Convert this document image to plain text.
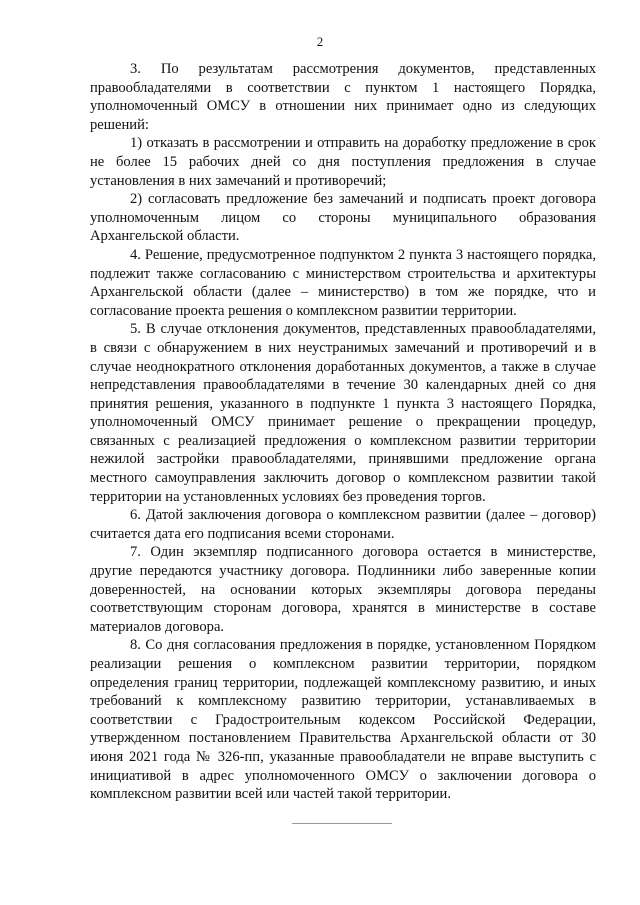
2

3. По результатам рассмотрения документов, представленных правообладателями в соответствии с пунктом 1 настоящего Порядка, уполномоченный ОМСУ в отношении них принимает одно из следующих решений:

1) отказать в рассмотрении и отправить на доработку предложение в срок не более 15 рабочих дней со дня поступления предложения в случае установления в них замечаний и противоречий;

2) согласовать предложение без замечаний и подписать проект договора уполномоченным лицом со стороны муниципального образования Архангельской области.

4. Решение, предусмотренное подпунктом 2 пункта 3 настоящего порядка, подлежит также согласованию с министерством строительства и архитектуры Архангельской области (далее – министерство) в том же порядке, что и согласование проекта решения о комплексном развитии территории.

5. В случае отклонения документов, представленных правообладателями, в связи с обнаружением в них неустранимых замечаний и противоречий и в случае неоднократного отклонения доработанных документов, а также в случае непредставления правообладателями в течение 30 календарных дней со дня принятия решения, указанного в подпункте 1 пункта 3 настоящего Порядка, уполномоченный ОМСУ принимает решение о прекращении процедур, связанных с реализацией предложения о комплексном развитии территории нежилой застройки правообладателями, принявшими предложение органа местного самоуправления заключить договор о комплексном развитии такой территории на установленных условиях без проведения торгов.

6. Датой заключения договора о комплексном развитии (далее – договор) считается дата его подписания всеми сторонами.

7. Один экземпляр подписанного договора остается в министерстве, другие передаются участнику договора. Подлинники либо заверенные копии доверенностей, на основании которых экземпляры договора переданы соответствующим сторонам договора, хранятся в министерстве в составе материалов договора.

8. Со дня согласования предложения в порядке, установленном Порядком реализации решения о комплексном развитии территории, порядком определения границ территории, подлежащей комплексному развитию, и иных требований к комплексному развитию территории, устанавливаемых в соответствии с Градостроительным кодексом Российской Федерации, утвержденном постановлением Правительства Архангельской области от 30 июня 2021 года № 326-пп, указанные правообладатели не вправе выступить с инициативой в адрес уполномоченного ОМСУ о заключении договора о комплексном развитии всей или частей такой территории.
